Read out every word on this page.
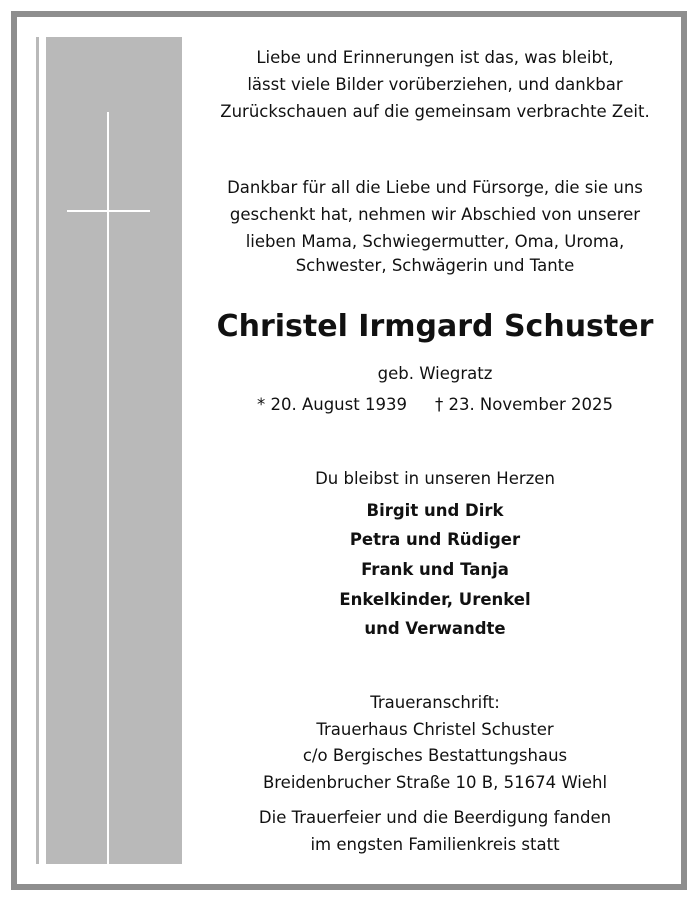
Liebe und Erinnerungen ist das, was bleibt,
lässt viele Bilder vorüberziehen, und dankbar
Zurückschauen auf die gemeinsam verbrachte Zeit.
Dankbar für all die Liebe und Fürsorge, die sie uns
geschenkt hat, nehmen wir Abschied von unserer
lieben Mama, Schwiegermutter, Oma, Uroma,
Schwester, Schwägerin und Tante
Christel Irmgard Schuster
geb. Wiegratz
* 20. August 1939 † 23. November 2025
Du bleibst in unseren Herzen
Birgit und Dirk
Petra und Rüdiger
Frank und Tanja
Enkelkinder, Urenkel
und Verwandte
Traueranschrift:
Trauerhaus Christel Schuster
c/o Bergisches Bestattungshaus
Breidenbrucher Straße 10 B, 51674 Wiehl
Die Trauerfeier und die Beerdigung fanden
im engsten Familienkreis statt
